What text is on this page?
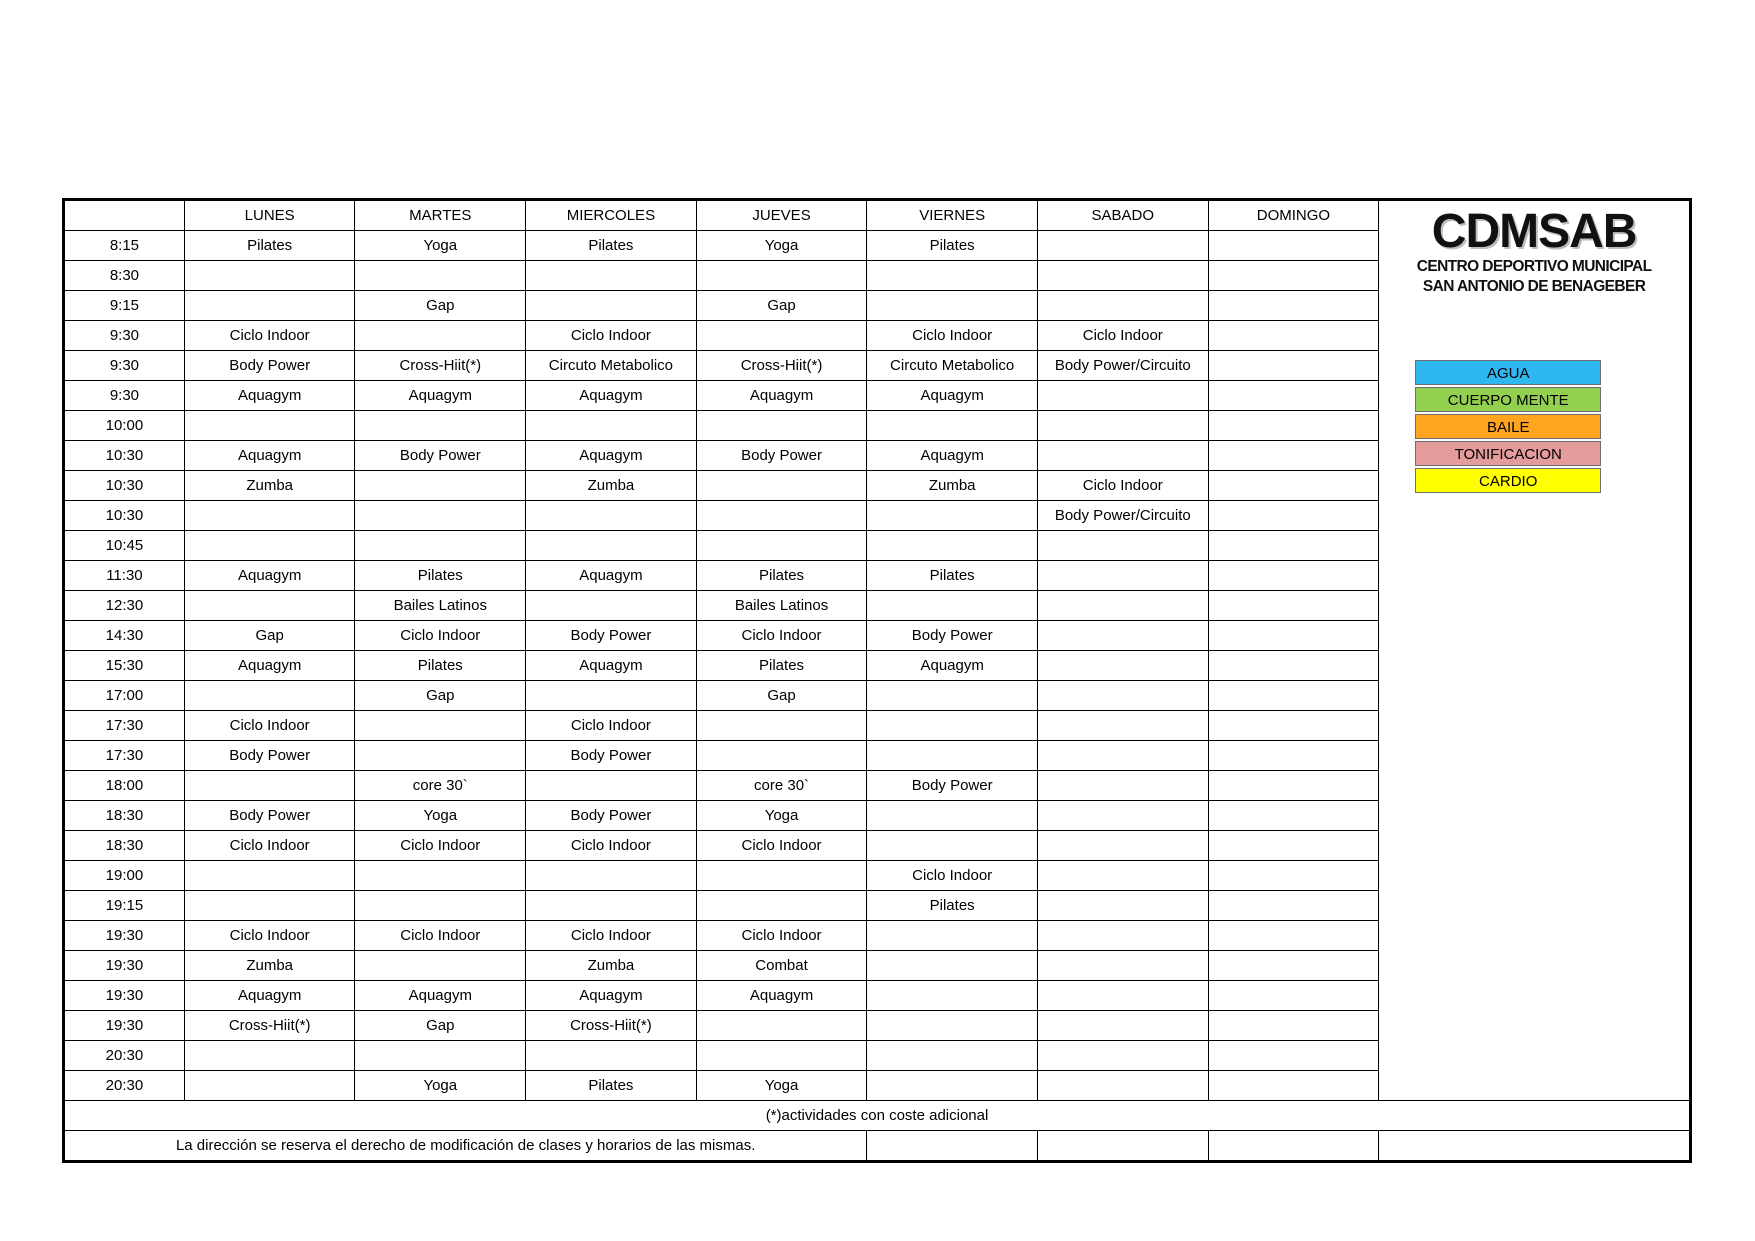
	LUNES	MARTES	MIERCOLES	JUEVES	VIERNES	SABADO	DOMINGO	CDMSAB
CENTRO DEPORTIVO MUNICIPAL
SAN ANTONIO DE BENAGEBER
AGUA
CUERPO MENTE
BAILE
TONIFICACION
CARDIO
DURACION DE LAS CLASES
ACTV. DIRIGIDAS	Aprox: 1 hora
CICLO INDOOR	Aprox: 45 minutos
AQUAGYM	Aprox: 45 minutos
HORARIO DEL CENTRO
LUNES A VIERNES	7:15 a 21:45
SÁBADO	9.00 a 14:00
DOMINGO	9.00 a 14:00

8:15	Pilates	Yoga	Pilates	Yoga	Pilates			
8:30								
9:15		Gap		Gap				
9:30	Ciclo Indoor		Ciclo Indoor		Ciclo Indoor	Ciclo Indoor		
9:30	Body Power	Cross-Hiit(*)	Circuto Metabolico	Cross-Hiit(*)	Circuto Metabolico	Body Power/Circuito		
9:30	Aquagym	Aquagym	Aquagym	Aquagym	Aquagym			
10:00								
10:30	Aquagym	Body Power	Aquagym	Body Power	Aquagym			
10:30	Zumba		Zumba		Zumba	Ciclo Indoor		
10:30						Body Power/Circuito		
10:45								
11:30	Aquagym	Pilates	Aquagym	Pilates	Pilates			
12:30		Bailes Latinos		Bailes Latinos				
14:30	Gap	Ciclo Indoor	Body Power	Ciclo Indoor	Body Power			
15:30	Aquagym	Pilates	Aquagym	Pilates	Aquagym			
17:00		Gap		Gap				
17:30	Ciclo Indoor		Ciclo Indoor					
17:30	Body Power		Body Power					
18:00		core 30`		core 30`	Body Power			
18:30	Body Power	Yoga	Body Power	Yoga				
18:30	Ciclo Indoor	Ciclo Indoor	Ciclo Indoor	Ciclo Indoor				
19:00					Ciclo Indoor			
19:15					Pilates			
19:30	Ciclo Indoor	Ciclo Indoor	Ciclo Indoor	Ciclo Indoor				
19:30	Zumba		Zumba	Combat				
19:30	Aquagym	Aquagym	Aquagym	Aquagym				
19:30	Cross-Hiit(*)	Gap	Cross-Hiit(*)					
20:30								
20:30		Yoga	Pilates	Yoga				
(*)actividades con coste adicional								
La dirección se reserva el derecho de modificación de clases y horarios de las mismas.								
